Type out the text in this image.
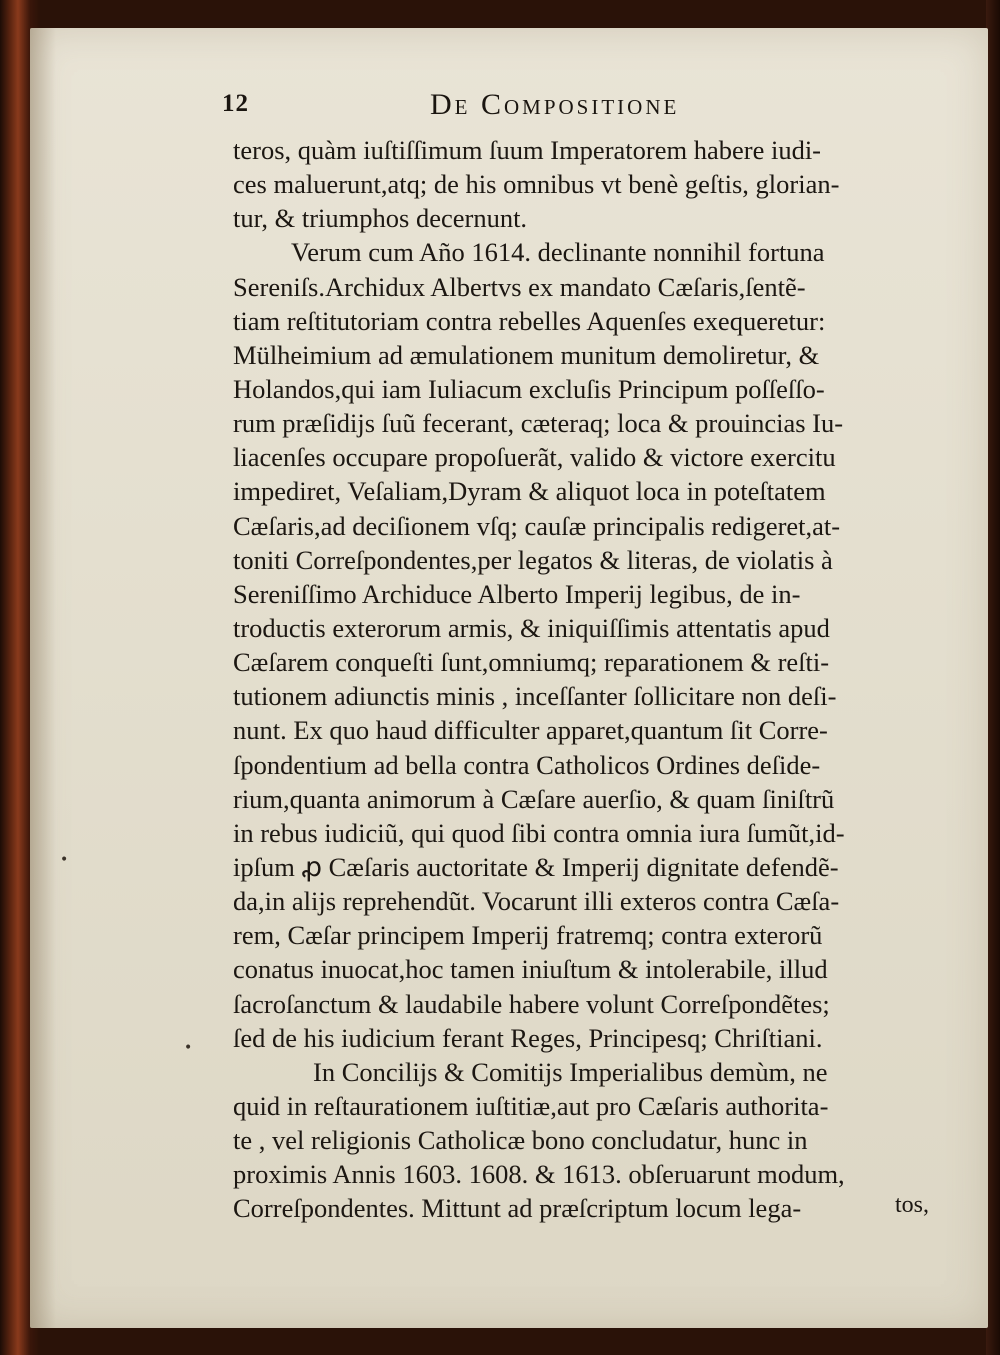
12	De Compositione
teros, quàm iuſtiſſimum ſuum Imperatorem habere iudi-
ces maluerunt,atq; de his omnibus vt benè geſtis, glorian-
tur, & triumphos decernunt.
Verum cum Año 1614. declinante nonnihil fortuna
Sereniſs.Archidux Albertvs ex mandato Cæſaris,ſentẽ-
tiam reſtitutoriam contra rebelles Aquenſes exequeretur:
Mülheimium ad æmulationem munitum demoliretur, &
Holandos,qui iam Iuliacum excluſis Principum poſſeſſo-
rum præſidijs ſuũ fecerant, cæteraq; loca & prouincias Iu-
liacenſes occupare propoſuerãt, valido & victore exercitu
impediret, Veſaliam,Dyram & aliquot loca in poteſtatem
Cæſaris,ad deciſionem vſq; cauſæ principalis redigeret,at-
toniti Correſpondentes,per legatos & literas, de violatis à
Sereniſſimo Archiduce Alberto Imperij legibus, de in-
troductis exterorum armis, & iniquiſſimis attentatis apud
Cæſarem conqueſti ſunt,omniumq; reparationem & reſti-
tutionem adiunctis minis , inceſſanter ſollicitare non deſi-
nunt. Ex quo haud difficulter apparet,quantum ſit Corre-
ſpondentium ad bella contra Catholicos Ordines deſide-
rium,quanta animorum à Cæſare auerſio, & quam ſiniſtrũ
in rebus iudiciũ, qui quod ſibi contra omnia iura ſumũt,id-
ipſum ꝓ Cæſaris auctoritate & Imperij dignitate defendẽ-
da,in alijs reprehendũt. Vocarunt illi exteros contra Cæſa-
rem, Cæſar principem Imperij fratremq; contra exterorũ
conatus inuocat,hoc tamen iniuſtum & intolerabile, illud
ſacroſanctum & laudabile habere volunt Correſpondẽtes;
ſed de his iudicium ferant Reges, Principesq; Chriſtiani.
In Concilijs & Comitijs Imperialibus demùm, ne
quid in reſtaurationem iuſtitiæ,aut pro Cæſaris authorita-
te , vel religionis Catholicæ bono concludatur, hunc in
proximis Annis 1603. 1608. & 1613. obſeruarunt modum,
Correſpondentes. Mittunt ad præſcriptum locum lega-	tos,
•
•
